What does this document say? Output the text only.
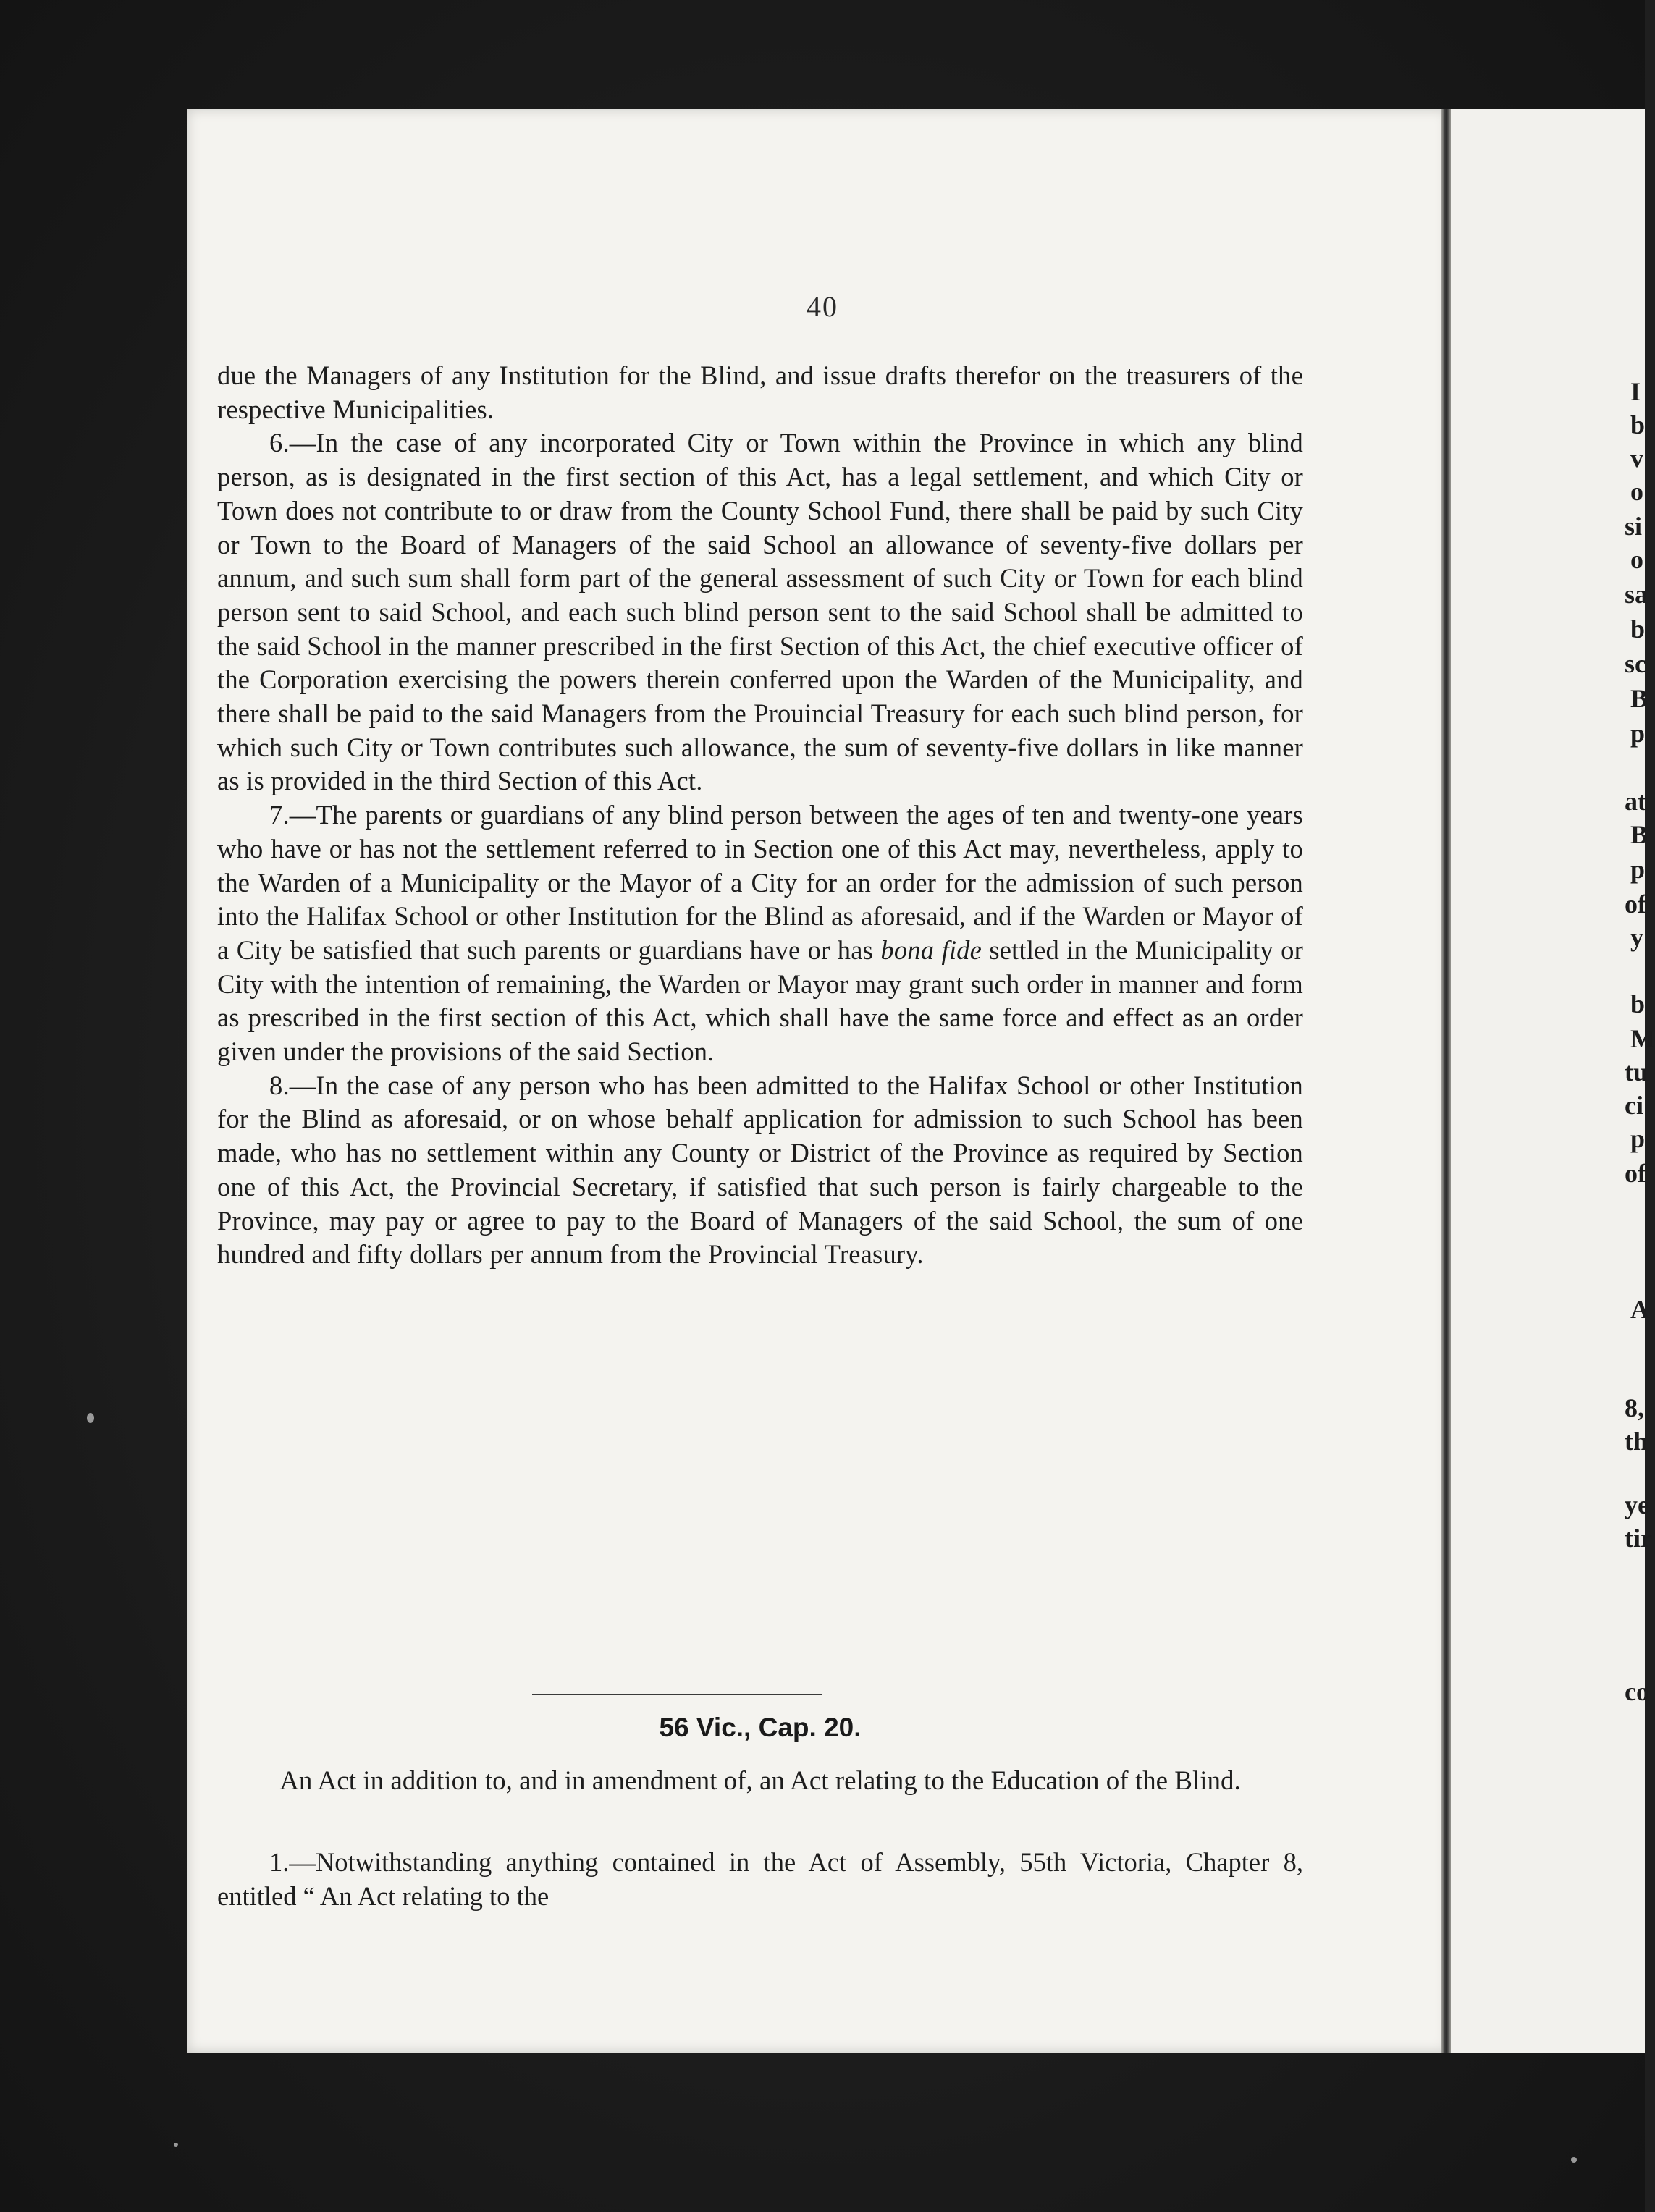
40

due the Managers of any Institution for the Blind, and issue drafts therefor on the treasurers of the respective Municipalities.

6.—In the case of any incorporated City or Town within the Province in which any blind person, as is designated in the first section of this Act, has a legal settlement, and which City or Town does not contribute to or draw from the County School Fund, there shall be paid by such City or Town to the Board of Managers of the said School an allowance of seventy-five dollars per annum, and such sum shall form part of the general assessment of such City or Town for each blind person sent to said School, and each such blind person sent to the said School shall be admitted to the said School in the manner prescribed in the first Section of this Act, the chief executive officer of the Corporation exercising the powers therein conferred upon the Warden of the Municipality, and there shall be paid to the said Managers from the Prouincial Treasury for each such blind person, for which such City or Town contributes such allowance, the sum of seventy-five dollars in like manner as is provided in the third Section of this Act.

7.—The parents or guardians of any blind person between the ages of ten and twenty-one years who have or has not the settlement referred to in Section one of this Act may, nevertheless, apply to the Warden of a Municipality or the Mayor of a City for an order for the admission of such person into the Halifax School or other Institution for the Blind as aforesaid, and if the Warden or Mayor of a City be satisfied that such parents or guardians have or has bona fide settled in the Municipality or City with the intention of remaining, the Warden or Mayor may grant such order in manner and form as prescribed in the first section of this Act, which shall have the same force and effect as an order given under the provisions of the said Section.

8.—In the case of any person who has been admitted to the Halifax School or other Institution for the Blind as aforesaid, or on whose behalf application for admission to such School has been made, who has no settlement within any County or District of the Province as required by Section one of this Act, the Provincial Secretary, if satisfied that such person is fairly chargeable to the Province, may pay or agree to pay to the Board of Managers of the said School, the sum of one hundred and fifty dollars per annum from the Provincial Treasury.

56 Vic., Cap. 20.
An Act in addition to, and in amendment of, an Act relating to the Education of the Blind.

1.—Notwithstanding anything contained in the Act of Assembly, 55th Victoria, Chapter 8, entitled “ An Act relating to the

I
b
v
o
si
o
sa
b
sc
B
p
at
B
p
of
y
b
M
tu
ci
p
of
A
8,
th
ye
tir
co
